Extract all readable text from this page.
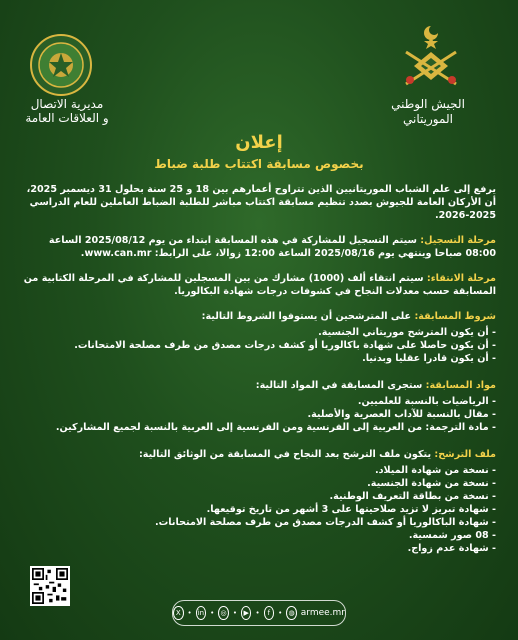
مديرية الاتصال
و العلاقات العامة
الجيش الوطني
الموريتاني
إعلان
بخصوص مسابقة اكتتاب طلبة ضباط

يرفع إلى علم الشباب الموريتانيين الذين تتراوح أعمارهم بين 18 و 25 سنة بحلول 31 ديسمبر 2025، أن الأركان العامة للجيوش بصدد تنظيم مسابقة اكتتاب مباشر للطلبة الضباط العاملين للعام الدراسي 2025-2026.

مرحلة التسجيل: سيتم التسجيل للمشاركة في هذه المسابقة ابتداء من يوم 2025/08/12 الساعة 08:00 صباحا وينتهي يوم 2025/08/16 الساعة 12:00 زوالا، على الرابط: www.can.mr.

مرحلة الانتقاء: سيتم انتقاء ألف (1000) مشارك من بين المسجلين للمشاركة في المرحلة الكتابية من المسابقة حسب معدلات النجاح في كشوفات درجات شهادة البكالوريا.

شروط المسابقة: على المترشحين أن يستوفوا الشروط التالية:
- أن يكون المترشح موريتاني الجنسية.
- أن يكون حاصلا على شهادة باكالوريا أو كشف درجات مصدق من طرف مصلحة الامتحانات.
- أن يكون قادرا عقليا وبدنيا.
مواد المسابقة: ستجرى المسابقة في المواد التالية:
- الرياضيات بالنسبة للعلميين.
- مقال بالنسبة للآداب العصرية والأصلية.
- مادة الترجمة: من العربية إلى الفرنسية ومن الفرنسية إلى العربية بالنسبة لجميع المشاركين.
ملف الترشح: يتكون ملف الترشح بعد النجاح في المسابقة من الوثائق التالية:
- نسخة من شهادة الميلاد.
- نسخة من شهادة الجنسية.
- نسخة من بطاقة التعريف الوطنية.
- شهادة تبريز لا تزيد صلاحيتها على 3 أشهر من تاريخ توقيعها.
- شهادة الباكالوريا أو كشف الدرجات مصدق من طرف مصلحة الامتحانات.
- 08 صور شمسية.
- شهادة عدم زواج.
X • in • ◎ • ▶ •	f	• ◍ armee.mr
